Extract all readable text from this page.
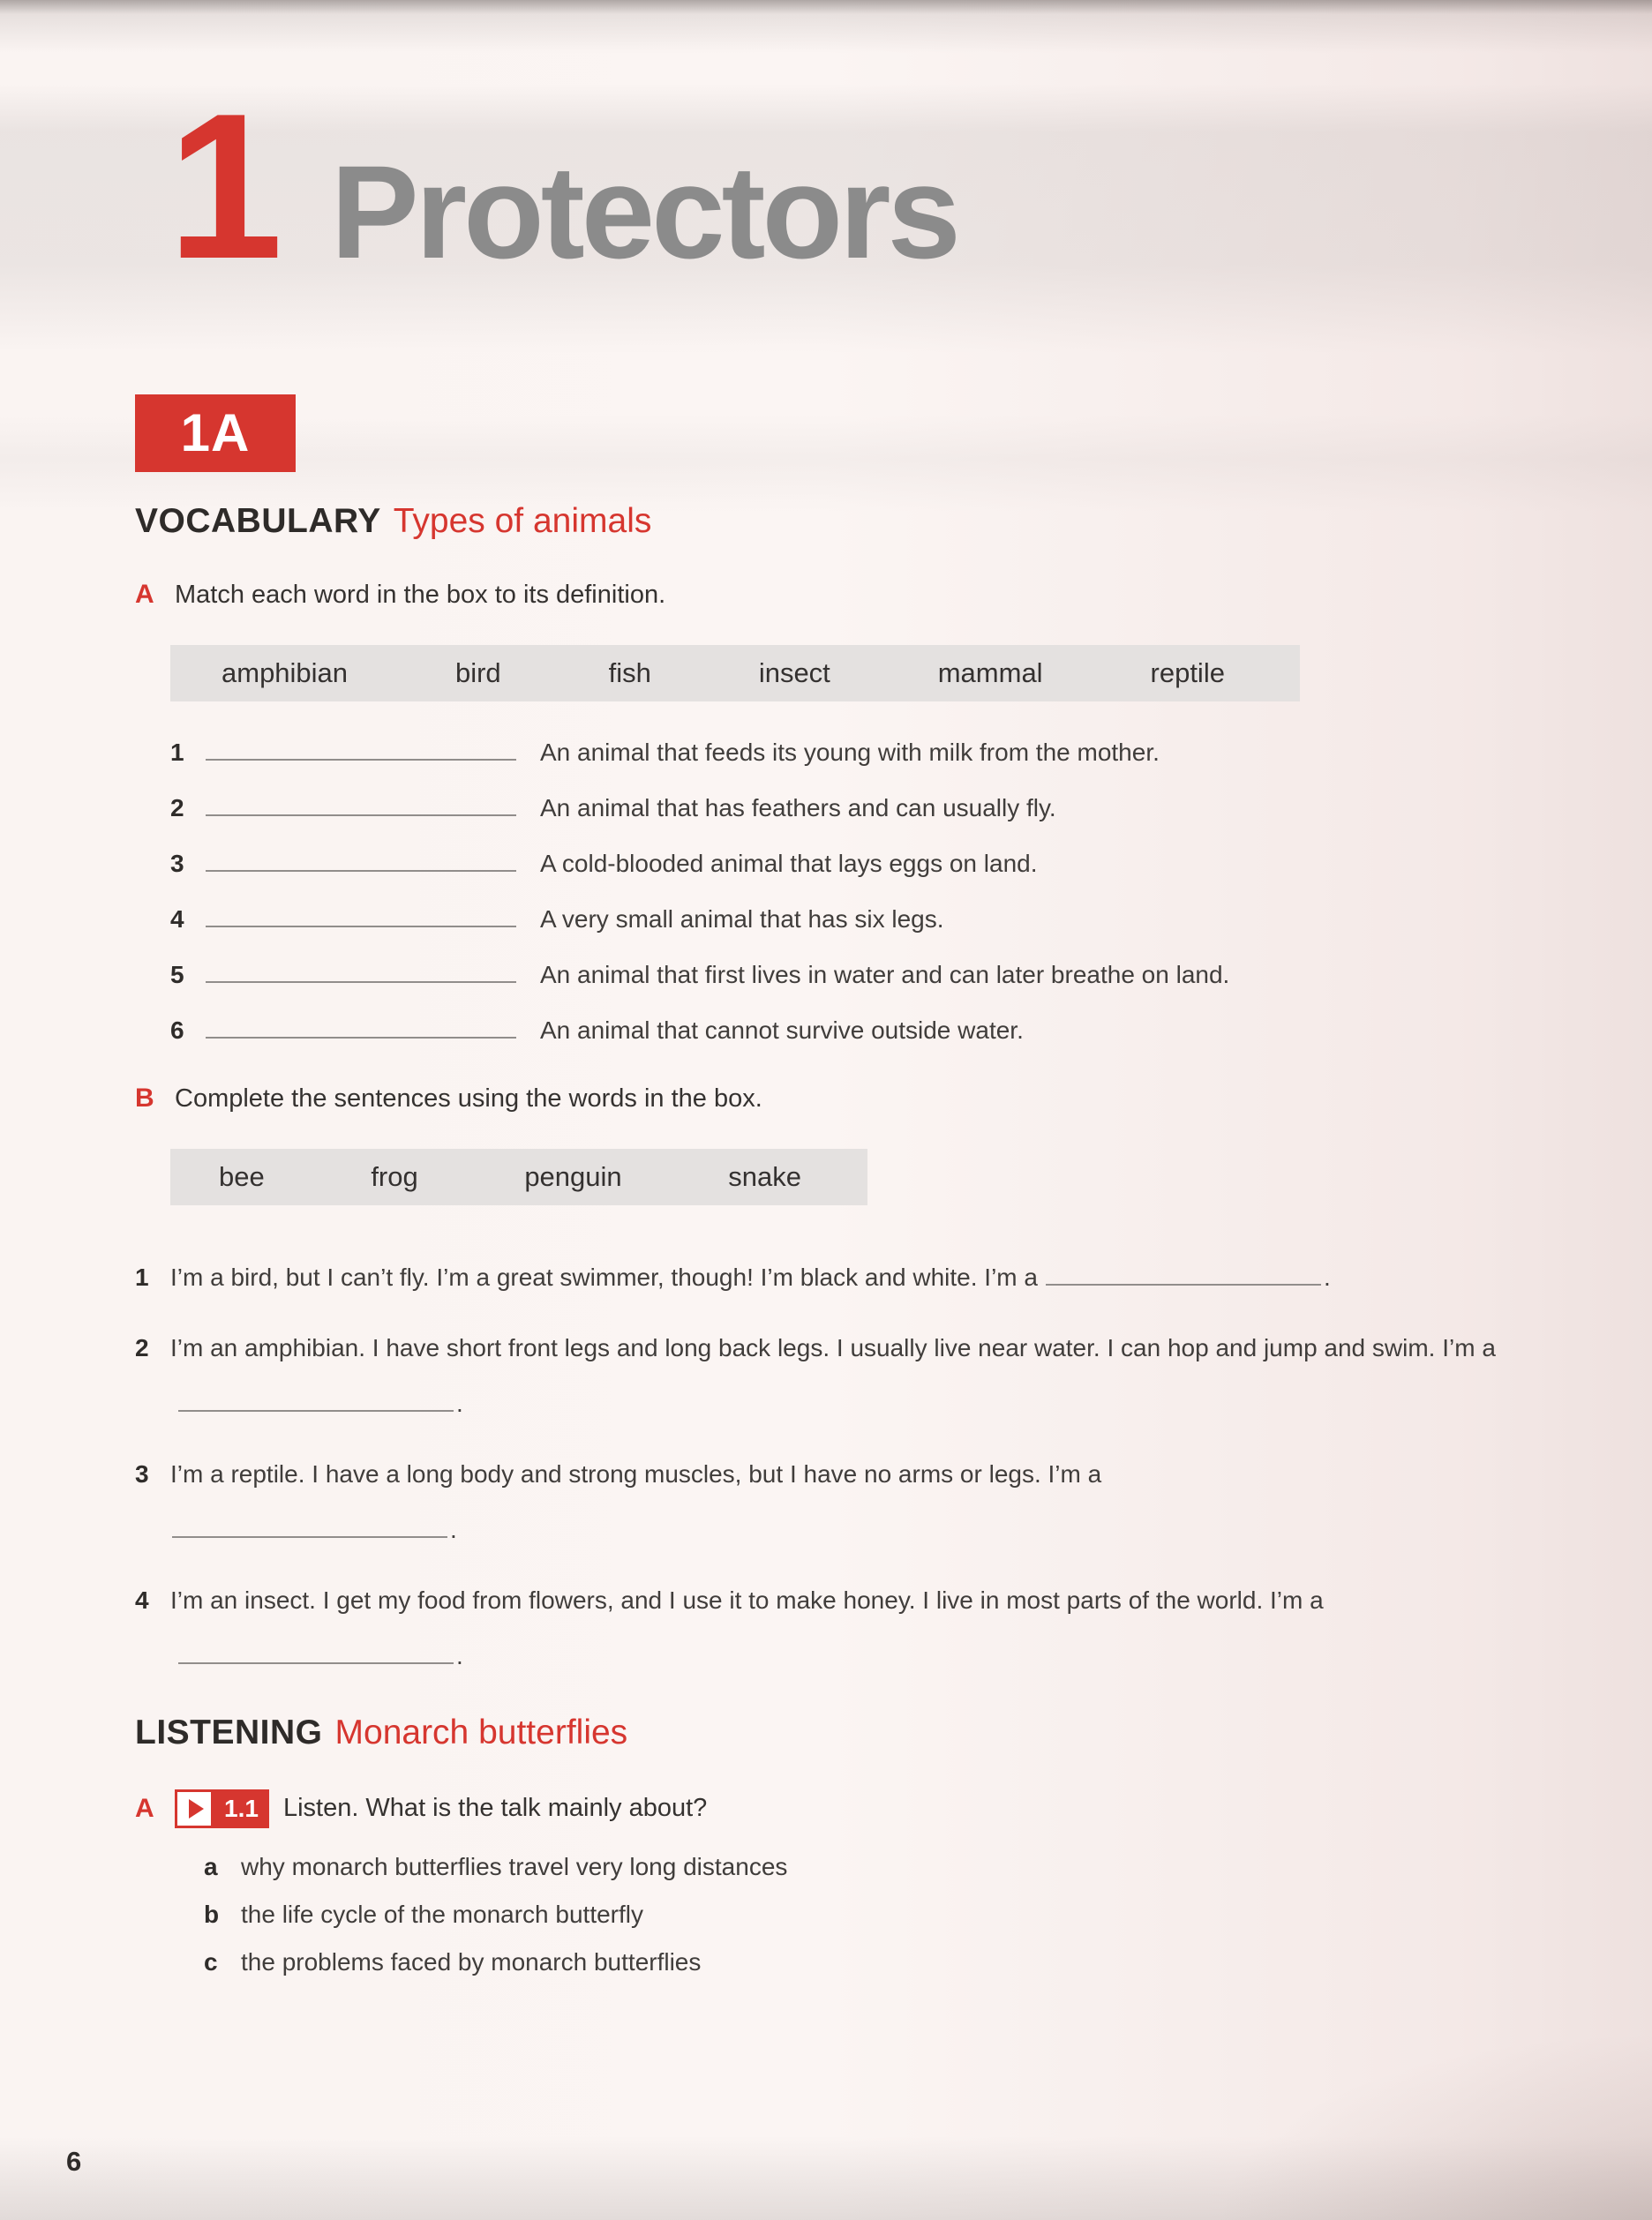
1 Protectors
1A
VOCABULARY Types of animals
A Match each word in the box to its definition.
amphibian	bird	fish	insect	mammal	reptile
1	An animal that feeds its young with milk from the mother.
2	An animal that has feathers and can usually fly.
3	A cold-blooded animal that lays eggs on land.
4	A very small animal that has six legs.
5	An animal that first lives in water and can later breathe on land.
6	An animal that cannot survive outside water.
B Complete the sentences using the words in the box.
bee	frog	penguin	snake
1 I’m a bird, but I can’t fly. I’m a great swimmer, though! I’m black and white. I’m a	.
2 I’m an amphibian. I have short front legs and long back legs. I usually live near water. I can hop and jump and swim. I’m a.
3 I’m a reptile. I have a long body and strong muscles, but I have no arms or legs. I’m a
.
4 I’m an insect. I get my food from flowers, and I use it to make honey. I live in most parts of the world. I’m a.
LISTENING Monarch butterflies
A	1.1 Listen. What is the talk mainly about?
a why monarch butterflies travel very long distances
b the life cycle of the monarch butterfly
c the problems faced by monarch butterflies
6
